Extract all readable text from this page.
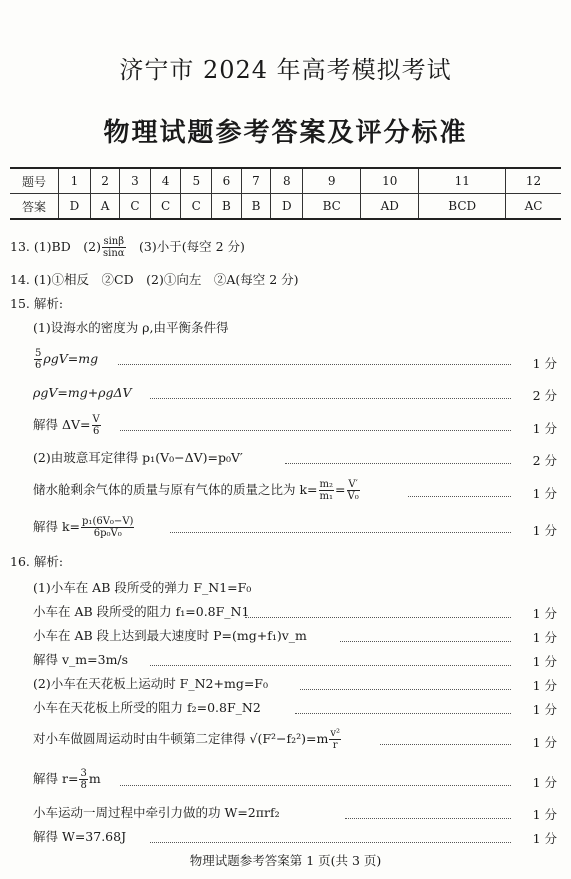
济宁市 2024 年高考模拟考试
物理试题参考答案及评分标准
题号	1	2	3	4	5	6	7	8	9	10	11	12
答案	D	A	C	C	C	B	B	D	BC	AD	BCD	AC
13. (1)BD　$(2) \frac{\sin\beta}{\sin\alpha}$ 　(3)小于(每空 2 分)
14. (1)①相反　②CD　(2)①向左　②A(每空 2 分)
15. 解析:
(1)设海水的密度为 ρ,由平衡条件得
$\frac{5}{6} \rho gV=mg$	1 分
ρgV=mg+ρgΔV	2 分
解得 $\Delta V= \frac{V}{6}$	1 分
(2)由玻意耳定律得 p₁(V₀−ΔV)=p₀V′	2 分
储水舱剩余气体的质量与原有气体的质量之比为 $k= \frac{\text{m₂}}{\text{m₁}} = \frac{V'}{\text{V₀}}$	1 分
解得 $k= \frac{\text{p₁(6V₀−V)}}{\text{6p₀V₀}}$	1 分
16. 解析:
(1)小车在 AB 段所受的弹力 F_N1=F₀
小车在 AB 段所受的阻力 f₁=0.8F_N1	1 分
小车在 AB 段上达到最大速度时 P=(mg+f₁)v_m	1 分
解得 v_m=3m/s	1 分
(2)小车在天花板上运动时 F_N2+mg=F₀	1 分
小车在天花板上所受的阻力 f₂=0.8F_N2	1 分
对小车做圆周运动时由牛顿第二定律得 $√(F^2-f_2^2)=m \frac{\text{v²}}{r}$	1 分
解得 $r= \frac{3}{8}$ m	1 分
小车运动一周过程中牵引力做的功 W=2πrf₂	1 分
解得 W=37.68J	1 分
物理试题参考答案第 1 页(共 3 页)
